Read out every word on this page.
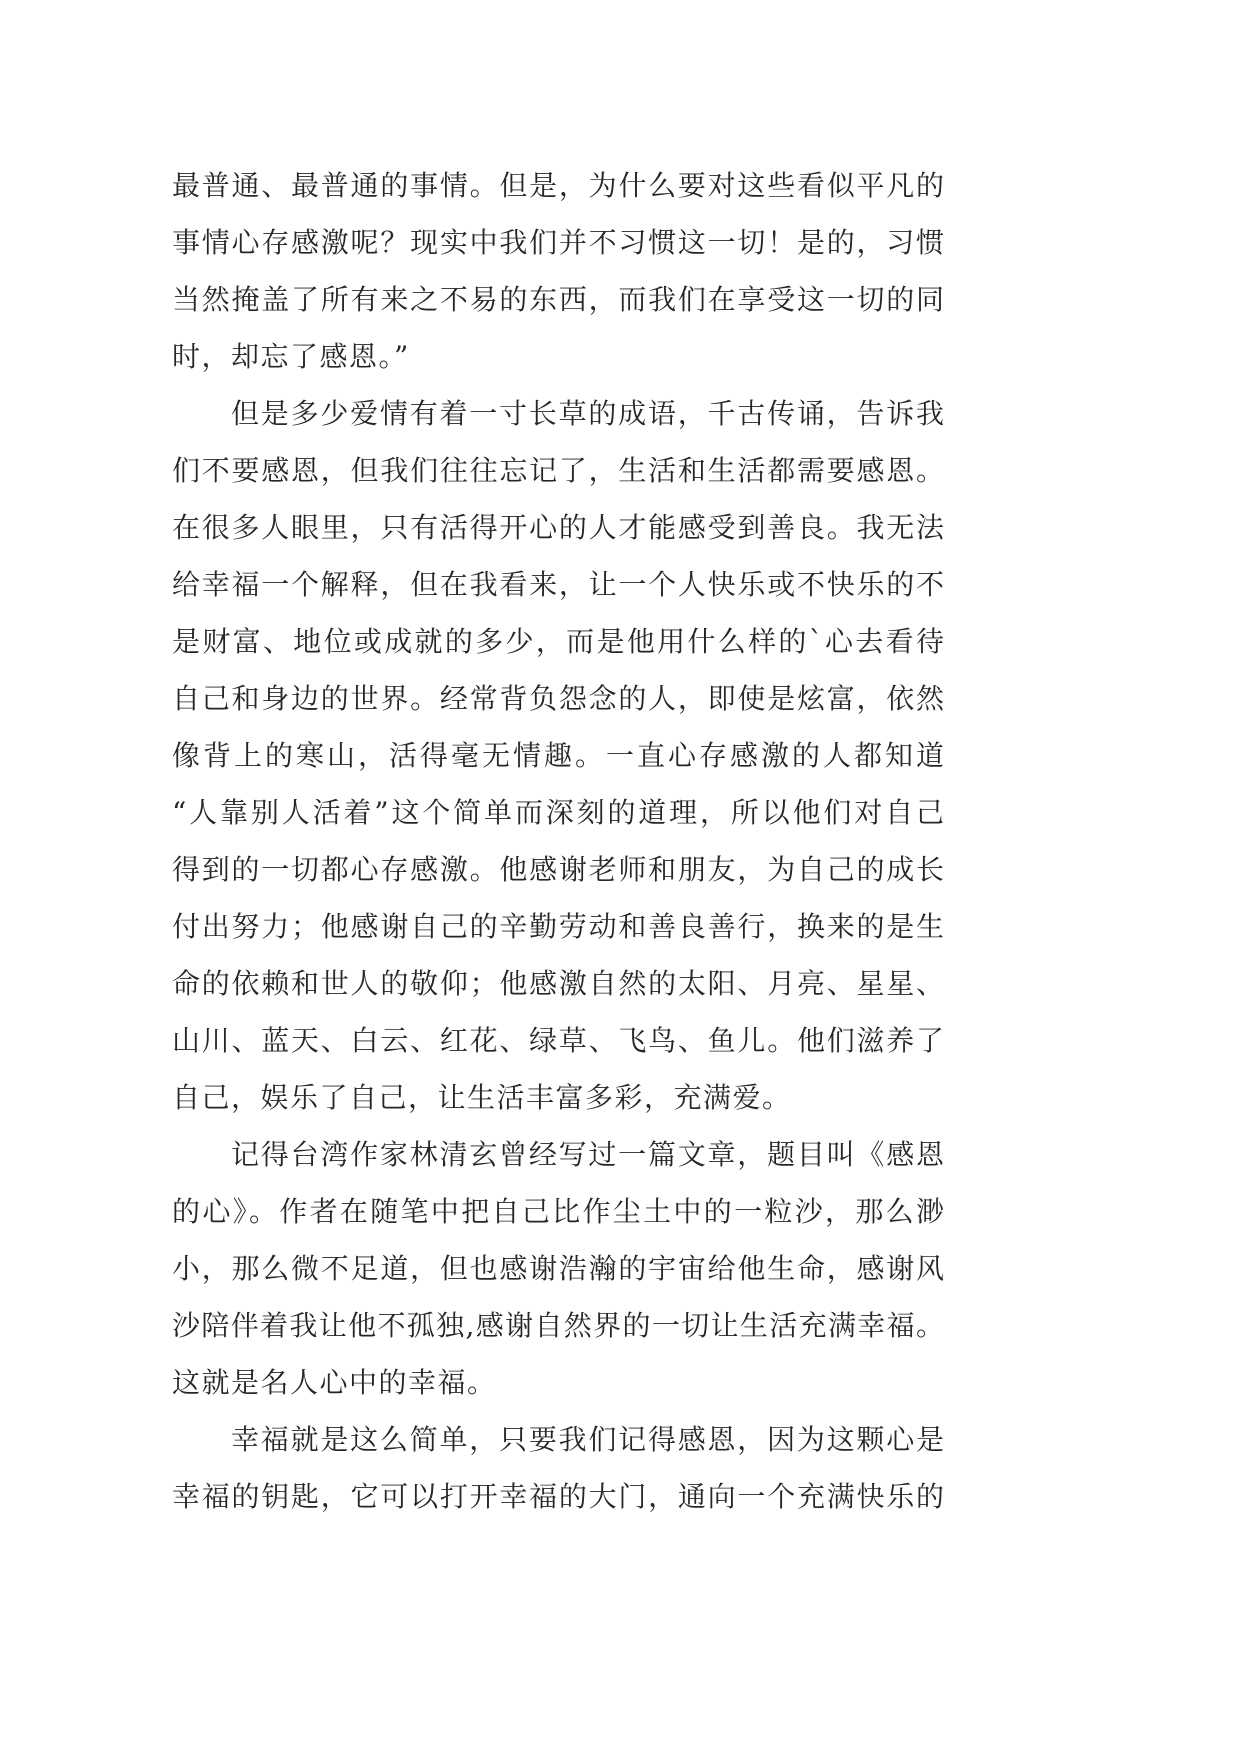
最普通、最普通的事情。但是，为什么要对这些看似平凡的
事情心存感激呢？现实中我们并不习惯这一切！是的，习惯
当然掩盖了所有来之不易的东西，而我们在享受这一切的同
时，却忘了感恩。”
但是多少爱情有着一寸长草的成语，千古传诵，告诉我
们不要感恩，但我们往往忘记了，生活和生活都需要感恩。
在很多人眼里，只有活得开心的人才能感受到善良。我无法
给幸福一个解释，但在我看来，让一个人快乐或不快乐的不
是财富、地位或成就的多少，而是他用什么样的`心去看待
自己和身边的世界。经常背负怨念的人，即使是炫富，依然
像背上的寒山，活得毫无情趣。一直心存感激的人都知道
“人靠别人活着”这个简单而深刻的道理，所以他们对自己
得到的一切都心存感激。他感谢老师和朋友，为自己的成长
付出努力；他感谢自己的辛勤劳动和善良善行，换来的是生
命的依赖和世人的敬仰；他感激自然的太阳、月亮、星星、
山川、蓝天、白云、红花、绿草、飞鸟、鱼儿。他们滋养了
自己，娱乐了自己，让生活丰富多彩，充满爱。
记得台湾作家林清玄曾经写过一篇文章，题目叫《感恩
的心》。作者在随笔中把自己比作尘土中的一粒沙，那么渺
小，那么微不足道，但也感谢浩瀚的宇宙给他生命，感谢风
沙陪伴着我让他不孤独,感谢自然界的一切让生活充满幸福。
这就是名人心中的幸福。
幸福就是这么简单，只要我们记得感恩，因为这颗心是
幸福的钥匙，它可以打开幸福的大门，通向一个充满快乐的
